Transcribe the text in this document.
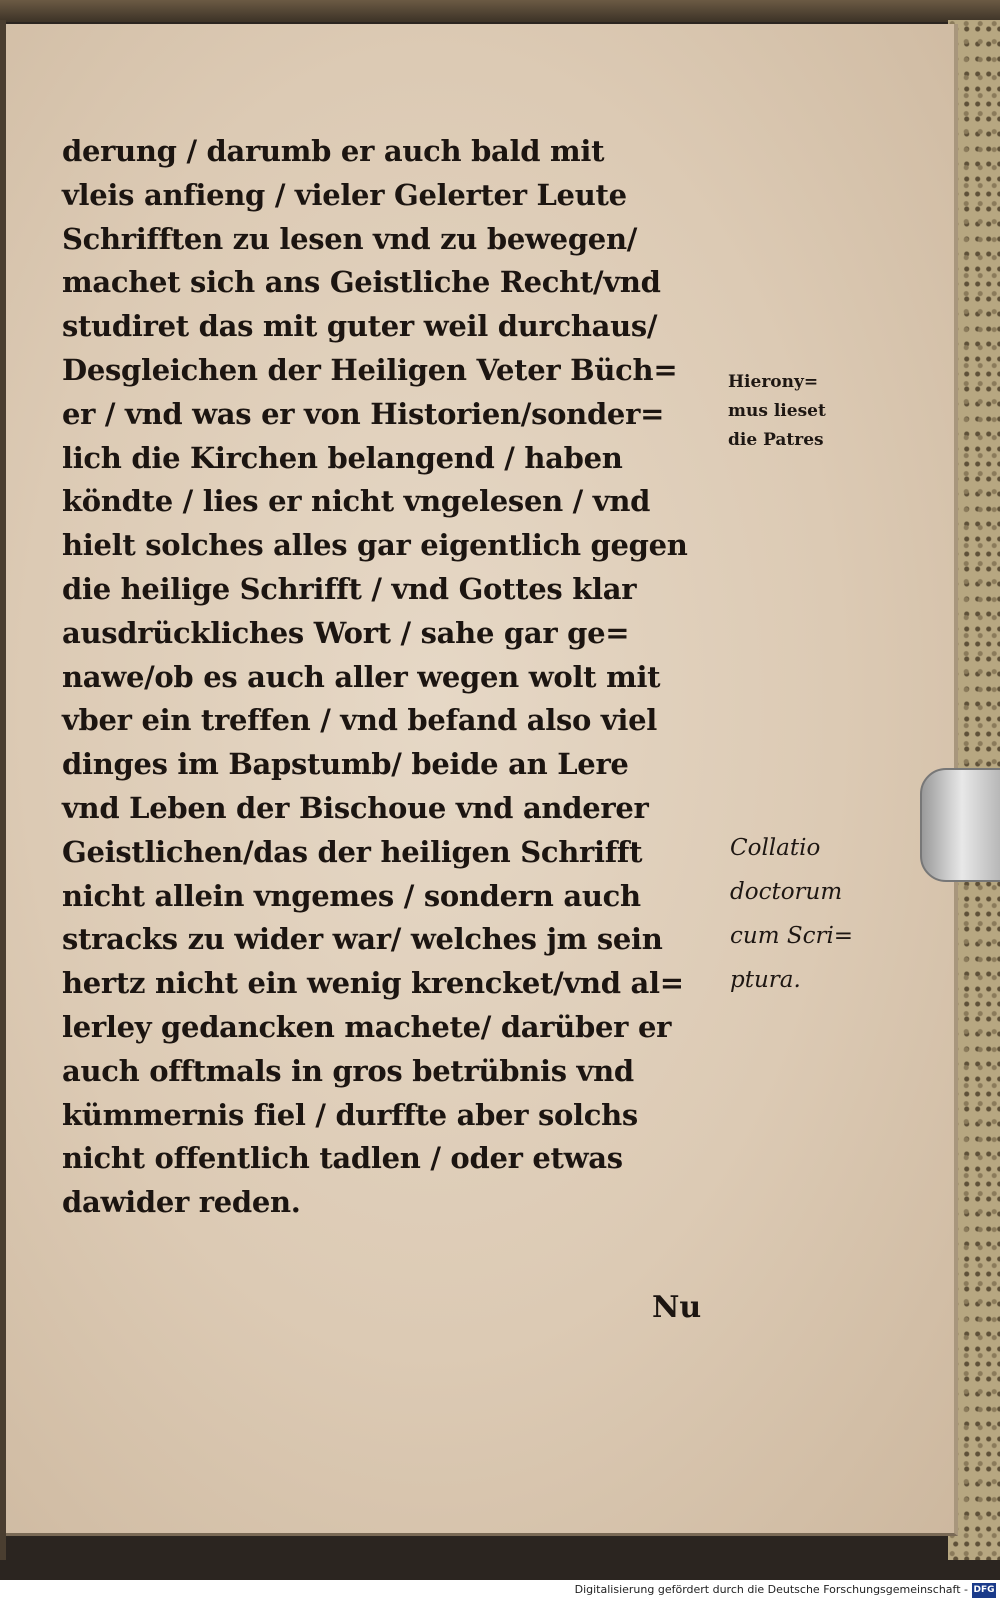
derung / darumb er auch bald mit
vleis anfieng / vieler Gelerter Leute
Schrifften zu lesen vnd zu bewegen/
machet sich ans Geistliche Recht/vnd
studiret das mit guter weil durchaus/
Desgleichen der Heiligen Veter Büch=
er / vnd was er von Historien/sonder=
lich die Kirchen belangend / haben
köndte / lies er nicht vngelesen / vnd
hielt solches alles gar eigentlich gegen
die heilige Schrifft / vnd Gottes klar
ausdrückliches Wort / sahe gar ge=
nawe/ob es auch aller wegen wolt mit
vber ein treffen / vnd befand also viel
dinges im Bapstumb/ beide an Lere
vnd Leben der Bischoue vnd anderer
Geistlichen/das der heiligen Schrifft
nicht allein vngemes / sondern auch
stracks zu wider war/ welches jm sein
hertz nicht ein wenig krencket/vnd al=
lerley gedancken machete/ darüber er
auch offtmals in gros betrübnis vnd
kümmernis fiel / durffte aber solchs
nicht offentlich tadlen / oder etwas
dawider reden.
Hierony=
mus lieset
die Patres
Collatio
doctorum
cum Scri=
ptura.
Nu
Digitalisierung gefördert durch die Deutsche Forschungsgemeinschaft - DFG
